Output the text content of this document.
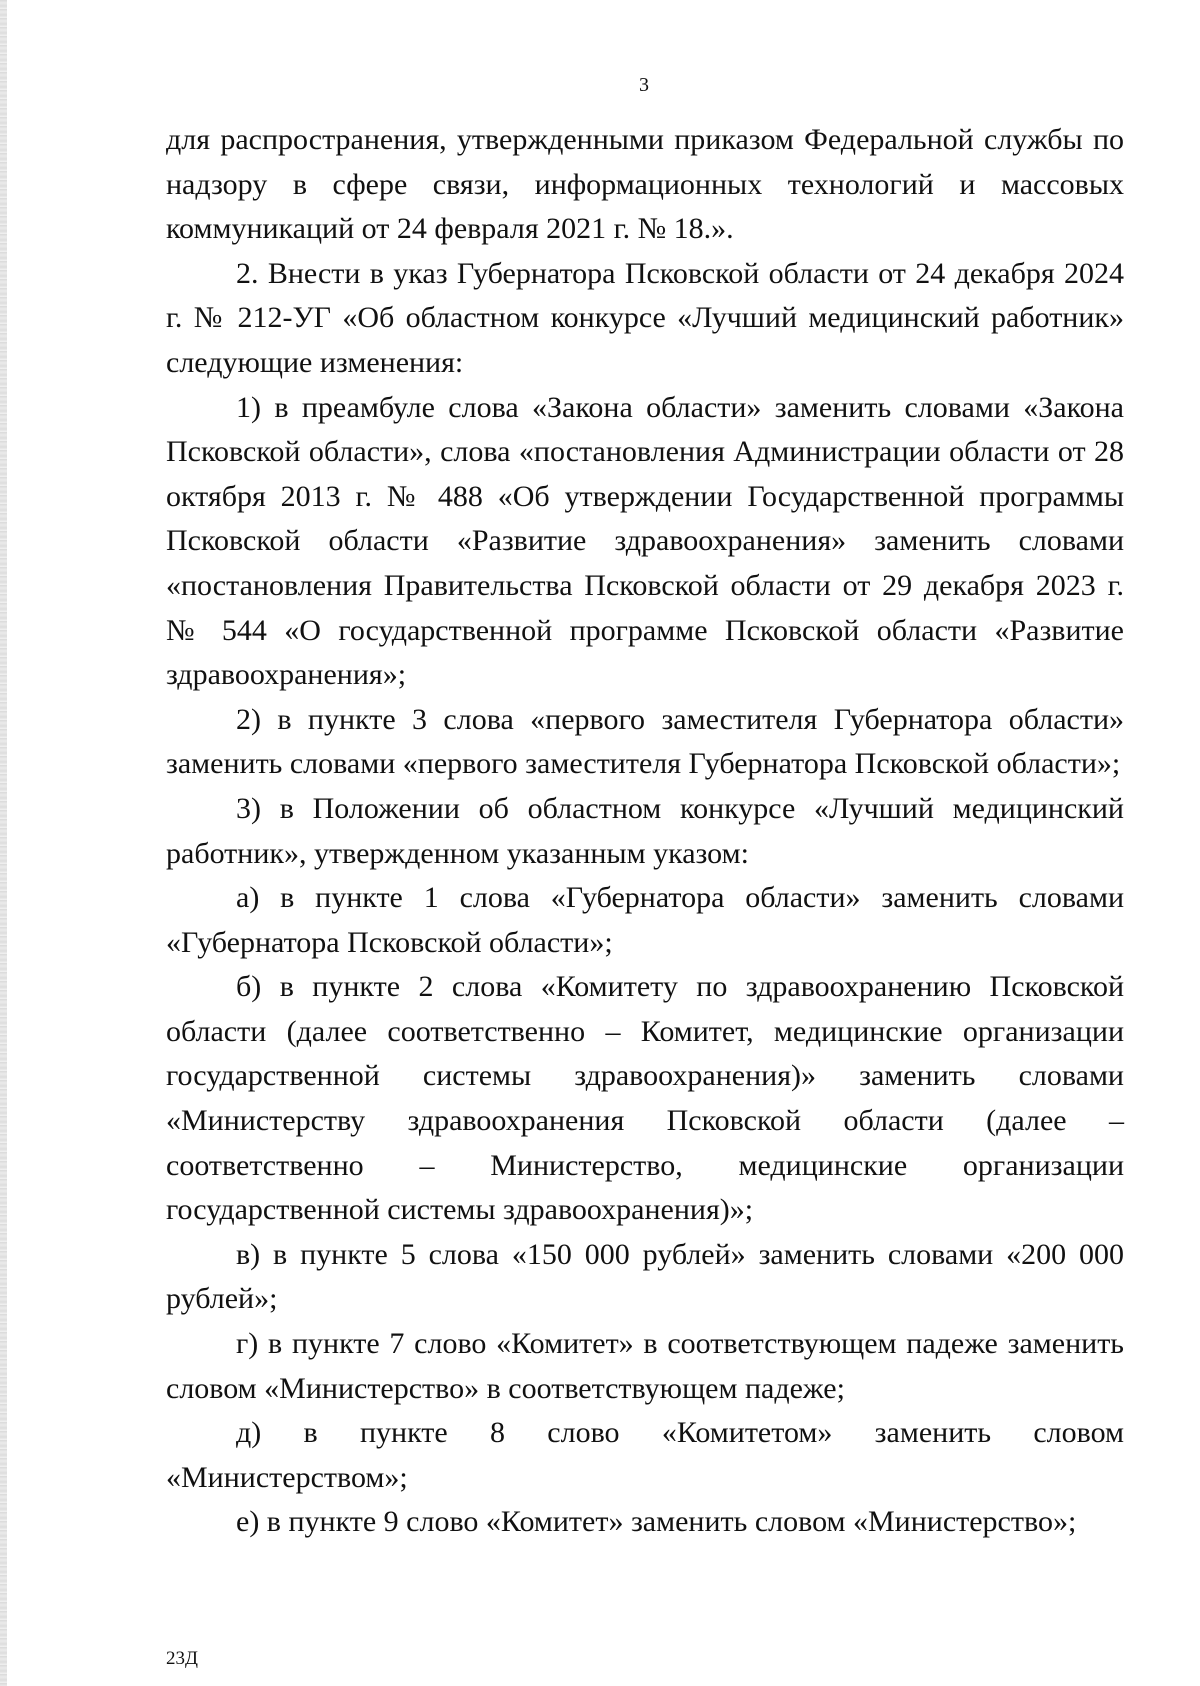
3

для распространения, утвержденными приказом Федеральной службы по надзору в сфере связи, информационных технологий и массовых коммуникаций от 24 февраля 2021 г. № 18.».

2. Внести в указ Губернатора Псковской области от 24 декабря 2024 г. № 212-УГ «Об областном конкурсе «Лучший медицинский работник» следующие изменения:

1) в преамбуле слова «Закона области» заменить словами «Закона Псковской области», слова «постановления Администрации области от 28 октября 2013 г. № 488 «Об утверждении Государственной программы Псковской области «Развитие здравоохранения» заменить словами «постановления Правительства Псковской области от 29 декабря 2023 г. № 544 «О государственной программе Псковской области «Развитие здравоохранения»;

2) в пункте 3 слова «первого заместителя Губернатора области» заменить словами «первого заместителя Губернатора Псковской области»;

3) в Положении об областном конкурсе «Лучший медицинский работник», утвержденном указанным указом:

а) в пункте 1 слова «Губернатора области» заменить словами «Губернатора Псковской области»;

б) в пункте 2 слова «Комитету по здравоохранению Псковской области (далее соответственно – Комитет, медицинские организации государственной системы здравоохранения)» заменить словами «Министерству здравоохранения Псковской области (далее – соответственно – Министерство, медицинские организации государственной системы здравоохранения)»;

в) в пункте 5 слова «150 000 рублей» заменить словами «200 000 рублей»;

г) в пункте 7 слово «Комитет» в соответствующем падеже заменить словом «Министерство» в соответствующем падеже;

д) в пункте 8 слово «Комитетом» заменить словом «Министерством»;

е) в пункте 9 слово «Комитет» заменить словом «Министерство»;

23Д
